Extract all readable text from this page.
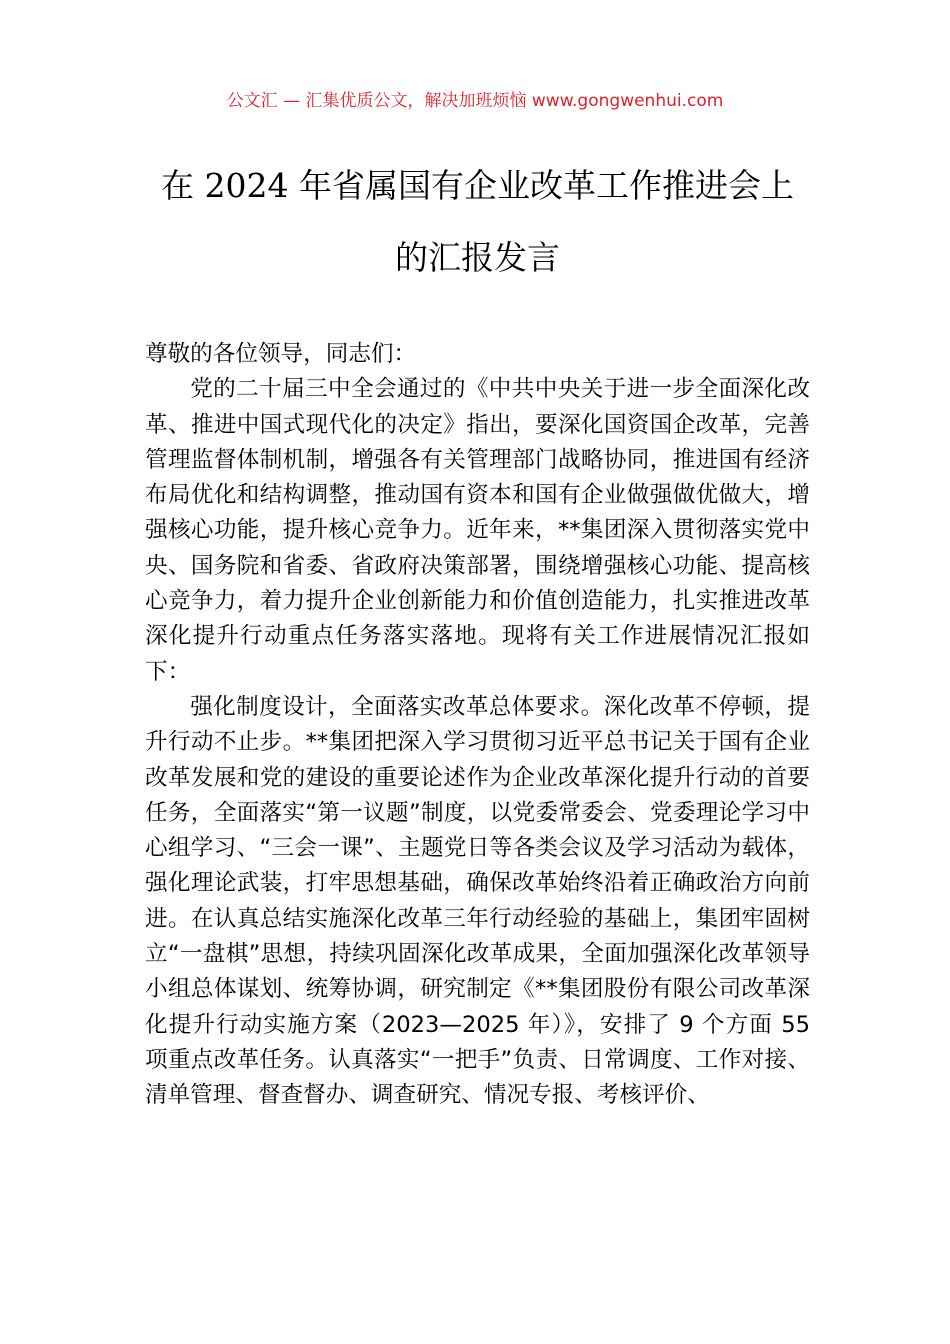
公文汇 — 汇集优质公文，解决加班烦恼 www.gongwenhui.com
在 2024 年省属国有企业改革工作推进会上的汇报发言

尊敬的各位领导，同志们：

党的二十届三中全会通过的《中共中央关于进一步全面深化改革、推进中国式现代化的决定》指出，要深化国资国企改革，完善管理监督体制机制，增强各有关管理部门战略协同，推进国有经济布局优化和结构调整，推动国有资本和国有企业做强做优做大，增强核心功能，提升核心竞争力。近年来，**集团深入贯彻落实党中央、国务院和省委、省政府决策部署，围绕增强核心功能、提高核心竞争力，着力提升企业创新能力和价值创造能力，扎实推进改革深化提升行动重点任务落实落地。现将有关工作进展情况汇报如下：

强化制度设计，全面落实改革总体要求。深化改革不停顿，提升行动不止步。**集团把深入学习贯彻习近平总书记关于国有企业改革发展和党的建设的重要论述作为企业改革深化提升行动的首要任务，全面落实“第一议题”制度，以党委常委会、党委理论学习中心组学习、“三会一课”、主题党日等各类会议及学习活动为载体，强化理论武装，打牢思想基础，确保改革始终沿着正确政治方向前进。在认真总结实施深化改革三年行动经验的基础上，集团牢固树立“一盘棋”思想，持续巩固深化改革成果，全面加强深化改革领导小组总体谋划、统筹协调，研究制定《**集团股份有限公司改革深化提升行动实施方案（2023—2025 年）》，安排了 9 个方面 55 项重点改革任务。认真落实“一把手”负责、日常调度、工作对接、清单管理、督查督办、调查研究、情况专报、考核评价、
